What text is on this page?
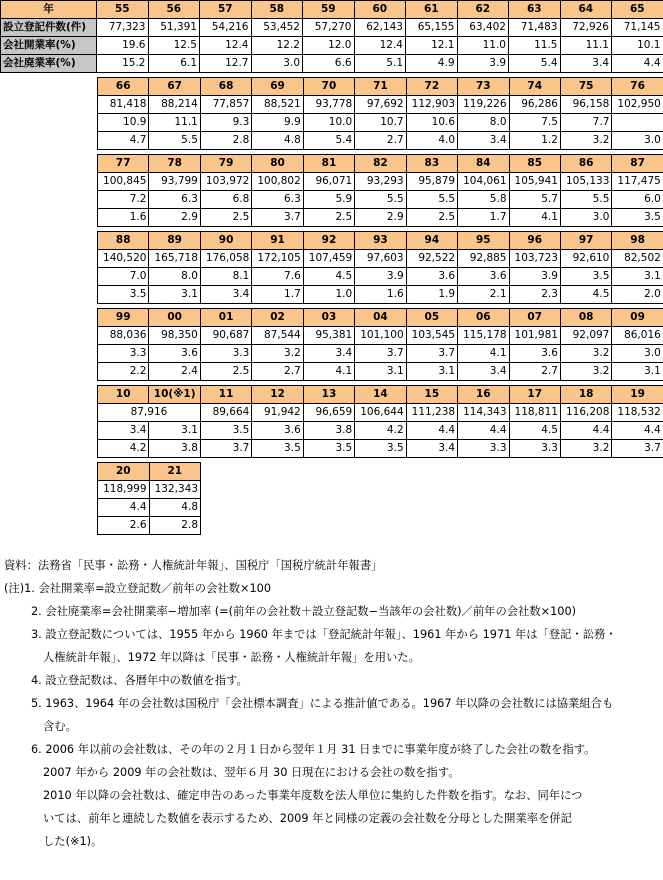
年	55	56	57	58	59	60	61	62	63	64	65
設立登記件数(件)	77,323	51,391	54,216	53,452	57,270	62,143	65,155	63,402	71,483	72,926	71,145
会社開業率(%)	19.6	12.5	12.4	12.2	12.0	12.4	12.1	11.0	11.5	11.1	10.1
会社廃業率(%)	15.2	6.1	12.7	3.0	6.6	5.1	4.9	3.9	5.4	3.4	4.4
66	67	68	69	70	71	72	73	74	75	76
81,418	88,214	77,857	88,521	93,778	97,692	112,903	119,226	96,286	96,158	102,950
10.9	11.1	9.3	9.9	10.0	10.7	10.6	8.0	7.5	7.7	
4.7	5.5	2.8	4.8	5.4	2.7	4.0	3.4	1.2	3.2	3.0
77	78	79	80	81	82	83	84	85	86	87
100,845	93,799	103,972	100,802	96,071	93,293	95,879	104,061	105,941	105,133	117,475
7.2	6.3	6.8	6.3	5.9	5.5	5.5	5.8	5.7	5.5	6.0
1.6	2.9	2.5	3.7	2.5	2.9	2.5	1.7	4.1	3.0	3.5
88	89	90	91	92	93	94	95	96	97	98
140,520	165,718	176,058	172,105	107,459	97,603	92,522	92,885	103,723	92,610	82,502
7.0	8.0	8.1	7.6	4.5	3.9	3.6	3.6	3.9	3.5	3.1
3.5	3.1	3.4	1.7	1.0	1.6	1.9	2.1	2.3	4.5	2.0
99	00	01	02	03	04	05	06	07	08	09
88,036	98,350	90,687	87,544	95,381	101,100	103,545	115,178	101,981	92,097	86,016
3.3	3.6	3.3	3.2	3.4	3.7	3.7	4.1	3.6	3.2	3.0
2.2	2.4	2.5	2.7	4.1	3.1	3.1	3.4	2.7	3.2	3.1
10	10(※1)	11	12	13	14	15	16	17	18	19
87,916		89,664	91,942	96,659	106,644	111,238	114,343	118,811	116,208	118,532
3.4	3.1	3.5	3.6	3.8	4.2	4.4	4.4	4.5	4.4	4.4
4.2	3.8	3.7	3.5	3.5	3.5	3.4	3.3	3.3	3.2	3.7
20	21
118,999	132,343
4.4	4.8
2.6	2.8
資料：法務省「民事・訟務・人権統計年報」、国税庁「国税庁統計年報書」
(注)1. 会社開業率=設立登記数／前年の会社数×100
2. 会社廃業率=会社開業率−増加率 (=(前年の会社数＋設立登記数−当該年の会社数)／前年の会社数×100)
3. 設立登記数については、1955 年から 1960 年までは「登記統計年報」、1961 年から 1971 年は「登記・訟務・
人権統計年報」、1972 年以降は「民事・訟務・人権統計年報」を用いた。
4. 設立登記数は、各暦年中の数値を指す。
5. 1963、1964 年の会社数は国税庁「会社標本調査」による推計値である。1967 年以降の会社数には協業組合も
含む。
6. 2006 年以前の会社数は、その年の２月１日から翌年１月 31 日までに事業年度が終了した会社の数を指す。
2007 年から 2009 年の会社数は、翌年６月 30 日現在における会社の数を指す。
2010 年以降の会社数は、確定申告のあった事業年度数を法人単位に集約した件数を指す。なお、同年につ
いては、前年と連続した数値を表示するため、2009 年と同様の定義の会社数を分母とした開業率を併記
した(※1)。
